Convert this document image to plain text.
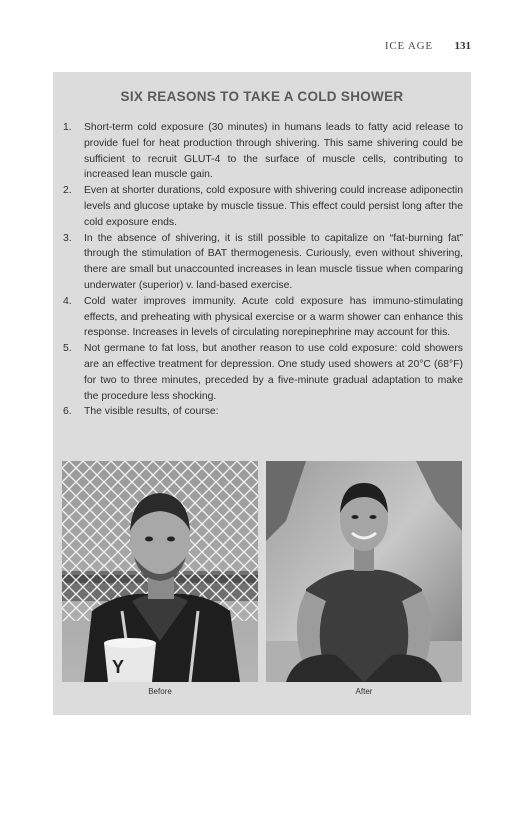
ICE AGE 131
SIX REASONS TO TAKE A COLD SHOWER
1. Short-term cold exposure (30 minutes) in humans leads to fatty acid release to provide fuel for heat production through shivering. This same shivering could be sufficient to recruit GLUT-4 to the surface of muscle cells, contributing to increased lean muscle gain.
2. Even at shorter durations, cold exposure with shivering could increase adiponectin levels and glucose uptake by muscle tissue. This effect could persist long after the cold exposure ends.
3. In the absence of shivering, it is still possible to capitalize on “fat-burning fat” through the stimulation of BAT thermogenesis. Curiously, even without shivering, there are small but unaccounted increases in lean muscle tissue when comparing underwater (superior) v. land-based exercise.
4. Cold water improves immunity. Acute cold exposure has immuno-stimulating effects, and preheating with physical exercise or a warm shower can enhance this response. Increases in levels of circulating norepinephrine may account for this.
5. Not germane to fat loss, but another reason to use cold exposure: cold showers are an effective treatment for depression. One study used showers at 20°C (68°F) for two to three minutes, preceded by a five-minute gradual adaptation to make the procedure less shocking.
6. The visible results, of course:
Y
Before	After
